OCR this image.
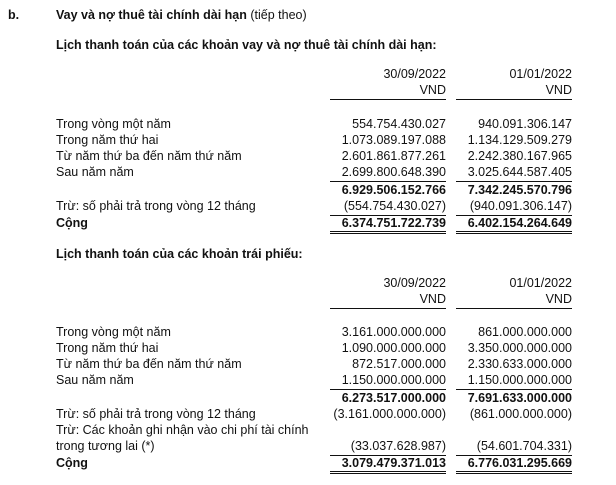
b.	Vay và nợ thuê tài chính dài hạn (tiếp theo)
Lịch thanh toán của các khoản vay và nợ thuê tài chính dài hạn:
30/09/2022	01/01/2022
VND	VND
Trong vòng một năm	554.754.430.027	940.091.306.147
Trong năm thứ hai	1.073.089.197.088	1.134.129.509.279
Từ năm thứ ba đến năm thứ năm	2.601.861.877.261	2.242.380.167.965
Sau năm năm	2.699.800.648.390	3.025.644.587.405
6.929.506.152.766	7.342.245.570.796
Trừ: số phải trả trong vòng 12 tháng	(554.754.430.027)	(940.091.306.147)
Cộng	6.374.751.722.739	6.402.154.264.649
Lịch thanh toán của các khoản trái phiếu:
30/09/2022	01/01/2022
VND	VND
Trong vòng một năm	3.161.000.000.000	861.000.000.000
Trong năm thứ hai	1.090.000.000.000	3.350.000.000.000
Từ năm thứ ba đến năm thứ năm	872.517.000.000	2.330.633.000.000
Sau năm năm	1.150.000.000.000	1.150.000.000.000
6.273.517.000.000	7.691.633.000.000
Trừ: số phải trả trong vòng 12 tháng	(3.161.000.000.000)	(861.000.000.000)
Trừ: Các khoản ghi nhận vào chi phí tài chính
trong tương lai (*)	(33.037.628.987)	(54.601.704.331)
Cộng	3.079.479.371.013	6.776.031.295.669
